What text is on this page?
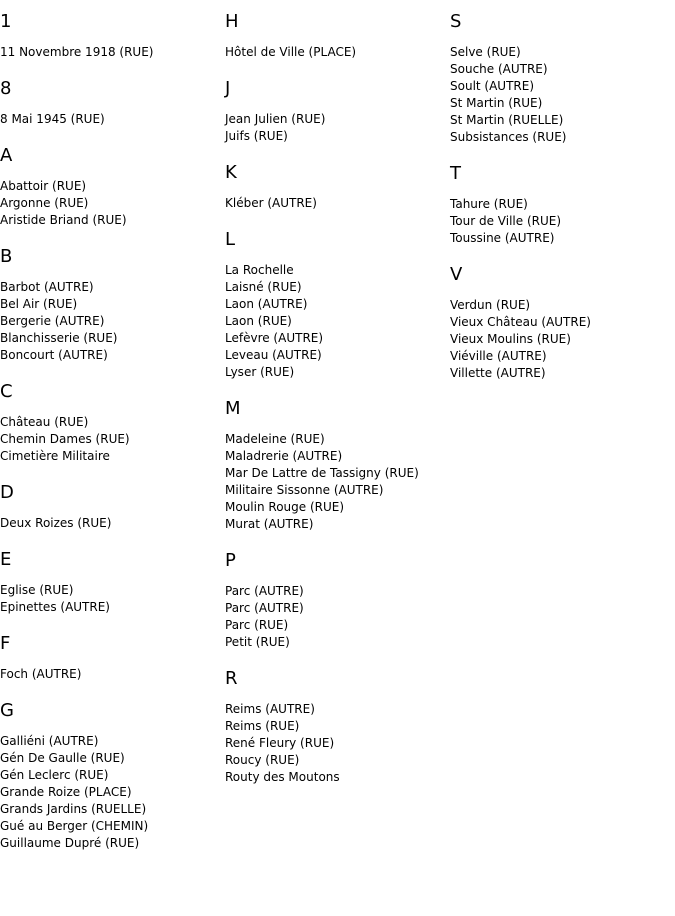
1
11 Novembre 1918 (RUE)
8
8 Mai 1945 (RUE)
A
Abattoir (RUE)
Argonne (RUE)
Aristide Briand (RUE)
B
Barbot (AUTRE)
Bel Air (RUE)
Bergerie (AUTRE)
Blanchisserie (RUE)
Boncourt (AUTRE)
C
Château (RUE)
Chemin Dames (RUE)
Cimetière Militaire
D
Deux Roizes (RUE)
E
Eglise (RUE)
Epinettes (AUTRE)
F
Foch (AUTRE)
G
Galliéni (AUTRE)
Gén De Gaulle (RUE)
Gén Leclerc (RUE)
Grande Roize (PLACE)
Grands Jardins (RUELLE)
Gué au Berger (CHEMIN)
Guillaume Dupré (RUE)
H
Hôtel de Ville (PLACE)
J
Jean Julien (RUE)
Juifs (RUE)
K
Kléber (AUTRE)
L
La Rochelle
Laisné (RUE)
Laon (AUTRE)
Laon (RUE)
Lefèvre (AUTRE)
Leveau (AUTRE)
Lyser (RUE)
M
Madeleine (RUE)
Maladrerie (AUTRE)
Mar De Lattre de Tassigny (RUE)
Militaire Sissonne (AUTRE)
Moulin Rouge (RUE)
Murat (AUTRE)
P
Parc (AUTRE)
Parc (AUTRE)
Parc (RUE)
Petit (RUE)
R
Reims (AUTRE)
Reims (RUE)
René Fleury (RUE)
Roucy (RUE)
Routy des Moutons
S
Selve (RUE)
Souche (AUTRE)
Soult (AUTRE)
St Martin (RUE)
St Martin (RUELLE)
Subsistances (RUE)
T
Tahure (RUE)
Tour de Ville (RUE)
Toussine (AUTRE)
V
Verdun (RUE)
Vieux Château (AUTRE)
Vieux Moulins (RUE)
Viéville (AUTRE)
Villette (AUTRE)
